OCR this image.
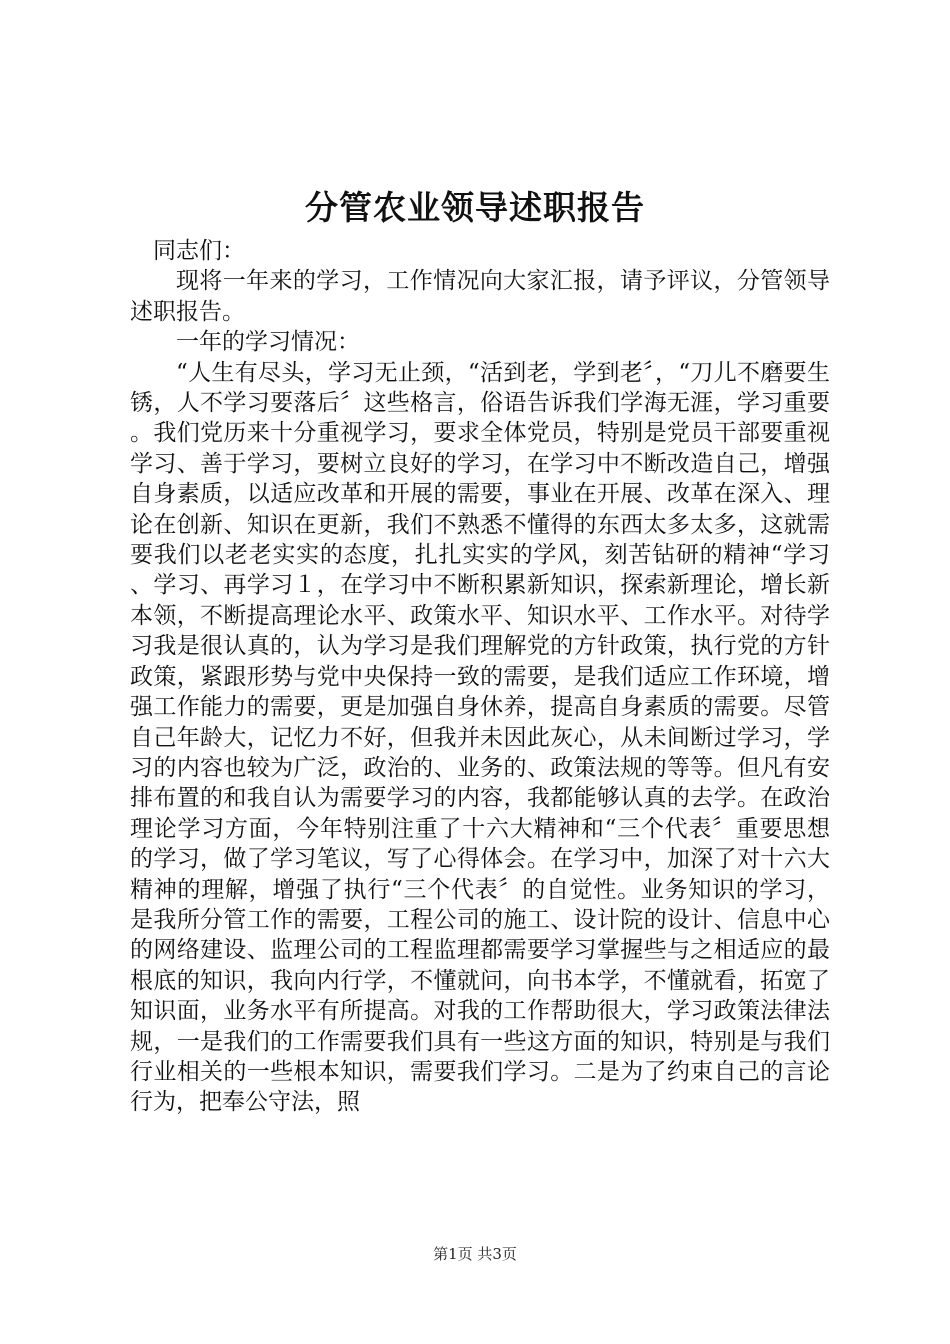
分管农业领导述职报告

同志们：

现将一年来的学习，工作情况向大家汇报，请予评议，分管领导述职报告。

一年的学习情况：

“人生有尽头，学习无止颈，“活到老，学到老〞，“刀儿不磨要生锈，人不学习要落后〞这些格言，俗语告诉我们学海无涯，学习重要。我们党历来十分重视学习，要求全体党员，特别是党员干部要重视学习、善于学习，要树立良好的学习，在学习中不断改造自己，增强自身素质，以适应改革和开展的需要，事业在开展、改革在深入、理论在创新、知识在更新，我们不熟悉不懂得的东西太多太多，这就需要我们以老老实实的态度，扎扎实实的学风，刻苦钻研的精神“学习、学习、再学习１，在学习中不断积累新知识，探索新理论，增长新本领，不断提高理论水平、政策水平、知识水平、工作水平。对待学习我是很认真的，认为学习是我们理解党的方针政策，执行党的方针政策，紧跟形势与党中央保持一致的需要，是我们适应工作环境，增强工作能力的需要，更是加强自身休养，提高自身素质的需要。尽管自己年龄大，记忆力不好，但我并未因此灰心，从未间断过学习，学习的内容也较为广泛，政治的、业务的、政策法规的等等。但凡有安排布置的和我自认为需要学习的内容，我都能够认真的去学。在政治理论学习方面，今年特别注重了十六大精神和“三个代表〞重要思想的学习，做了学习笔议，写了心得体会。在学习中，加深了对十六大精神的理解，增强了执行“三个代表〞的自觉性。业务知识的学习，是我所分管工作的需要，工程公司的施工、设计院的设计、信息中心的网络建设、监理公司的工程监理都需要学习掌握些与之相适应的最根底的知识，我向内行学，不懂就问，向书本学，不懂就看，拓宽了知识面，业务水平有所提高。对我的工作帮助很大，学习政策法律法规，一是我们的工作需要我们具有一些这方面的知识，特别是与我们行业相关的一些根本知识，需要我们学习。二是为了约束自己的言论行为，把奉公守法，照

第1页 共3页
